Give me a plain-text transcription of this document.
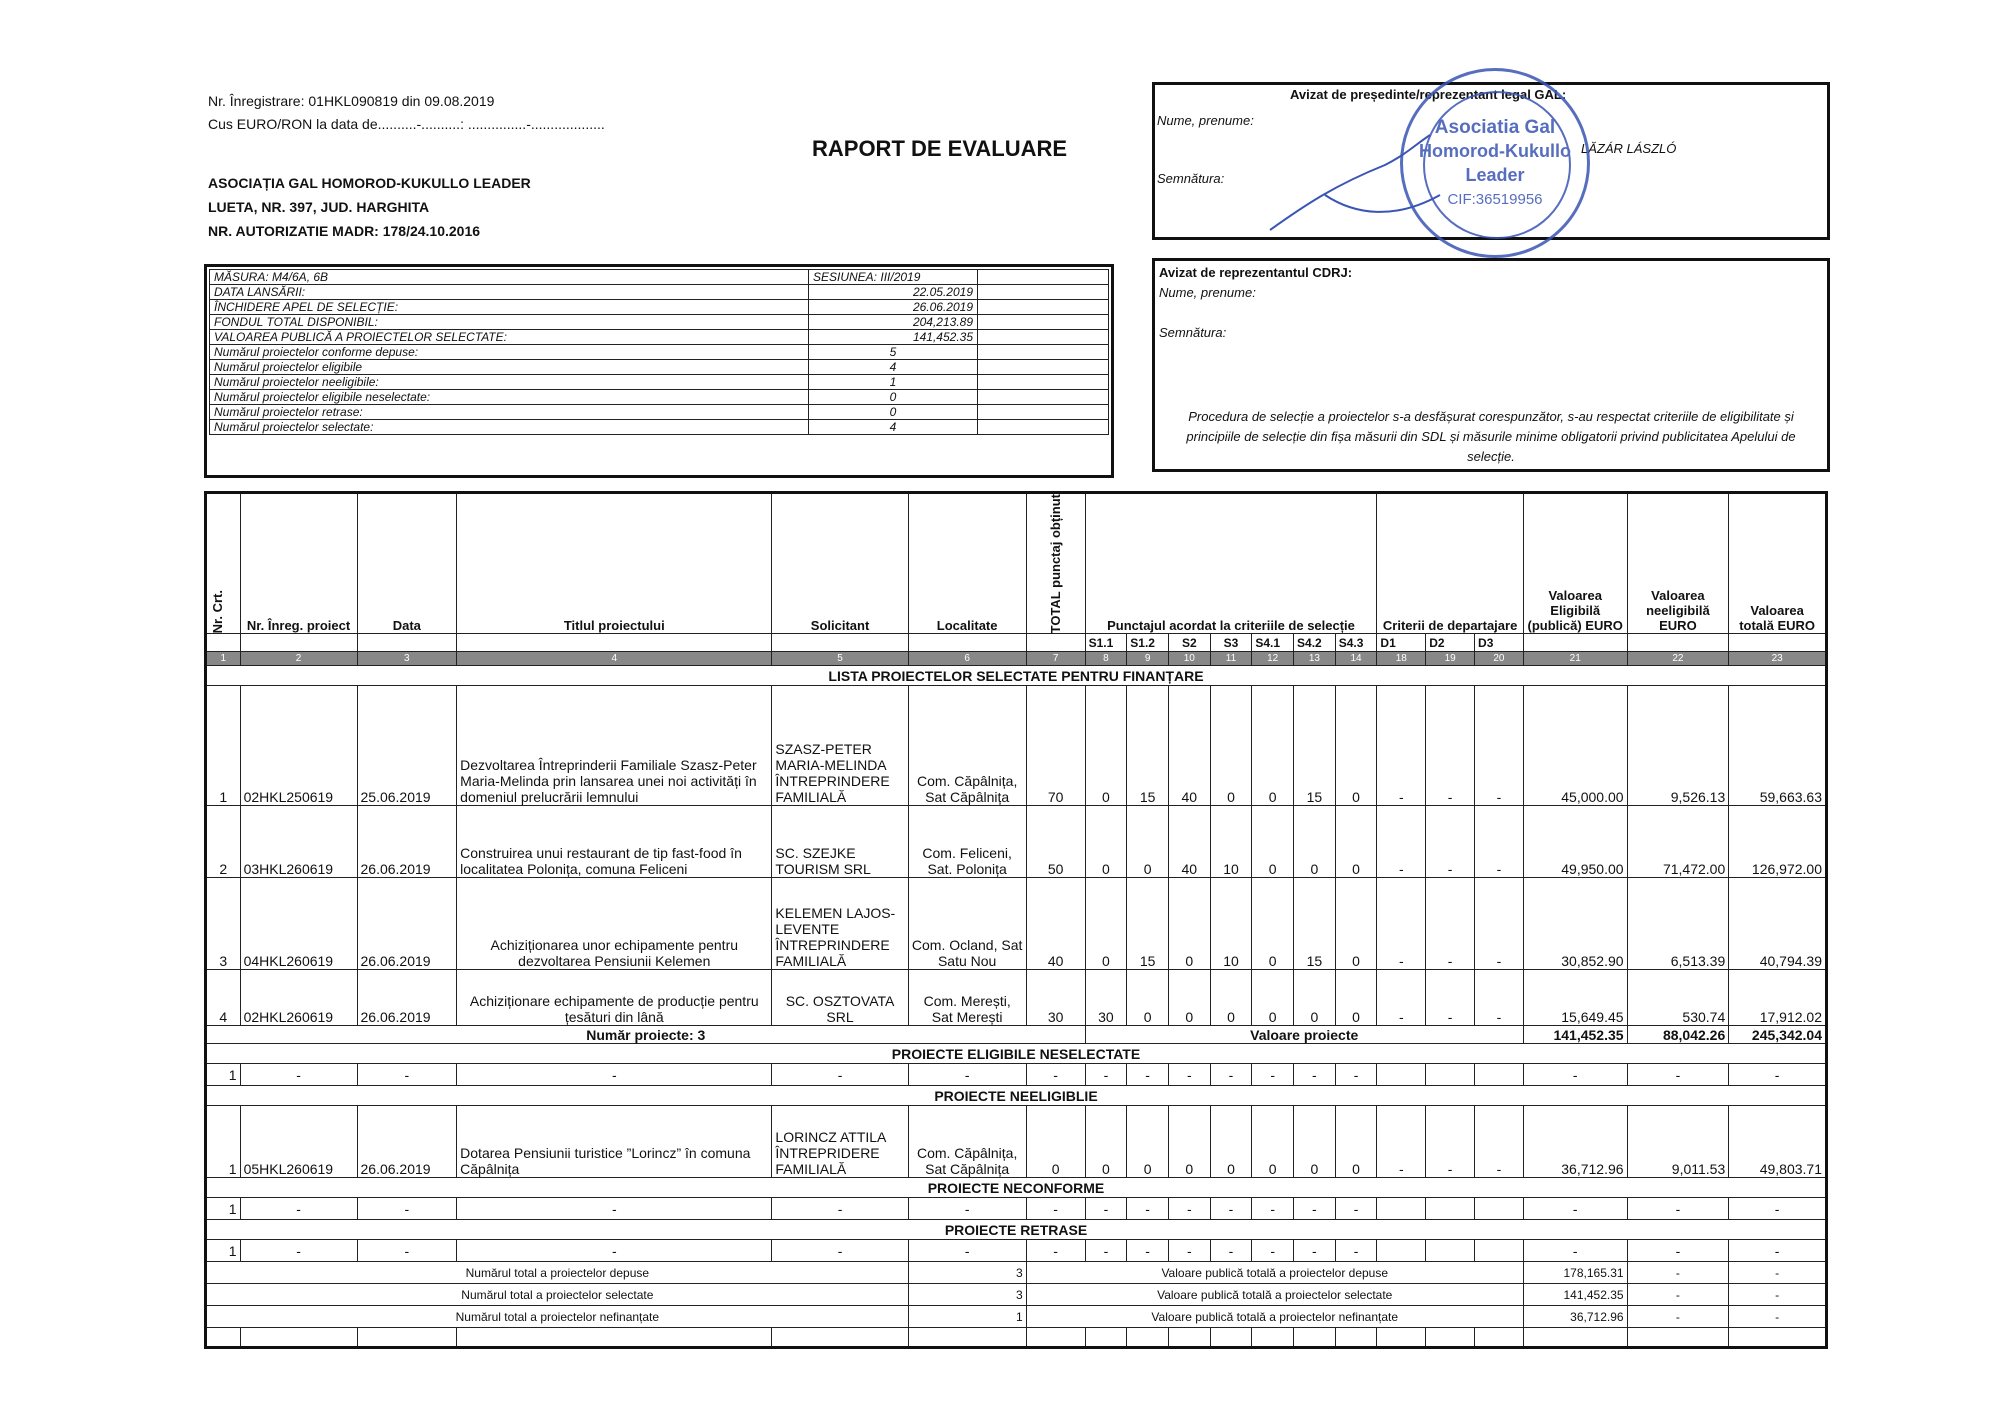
Nr. Înregistrare: 01HKL090819 din 09.08.2019
Cus EURO/RON la data de..........-..........: ...............-...................
RAPORT DE EVALUARE
ASOCIAȚIA GAL HOMOROD-KUKULLO LEADER
LUETA, NR. 397, JUD. HARGHITA
NR. AUTORIZATIE MADR: 178/24.10.2016
Avizat de președinte/reprezentant legal GAL:
Nume, prenume:
LĂZÁR LÁSZLÓ
Semnătura:
Asociatia Gal
Homorod-Kukullo
Leader
CIF:36519956
MĂSURA: M4/6A, 6B	SESIUNEA: III/2019	
DATA LANSĂRII:	22.05.2019	
ÎNCHIDERE APEL DE SELECȚIE:	26.06.2019	
FONDUL TOTAL DISPONIBIL:	204,213.89	
VALOAREA PUBLICĂ A PROIECTELOR SELECTATE:	141,452.35	
Numărul proiectelor conforme depuse:	5	
Numărul proiectelor eligibile	4	
Numărul proiectelor neeligibile:	1	
Numărul proiectelor eligibile neselectate:	0	
Numărul proiectelor retrase:	0	
Numărul proiectelor selectate:	4	
Avizat de reprezentantul CDRJ:
Nume, prenume:
Semnătura:
Procedura de selecție a proiectelor s-a desfășurat corespunzător, s-au respectat criteriile de eligibilitate și principiile de selecție din fișa măsurii din SDL și măsurile minime obligatorii privind publicitatea Apelului de selecție.
Nr. Crt.	Nr. Înreg. proiect	Data	Titlul proiectului	Solicitant	Localitate	TOTAL punctaj obținut	Punctajul acordat la criteriile de selecție							Criterii de departajare			Valoarea Eligibilă (publică) EURO	Valoarea neeligibilă EURO	Valoarea totală EURO
							S1.1	S1.2	S2	S3	S4.1	S4.2	S4.3	D1	D2	D3			
1	2	3	4	5	6	7	8	9	10	11	12	13	14	18	19	20	21	22	23
LISTA PROIECTELOR SELECTATE PENTRU FINANȚARE																			
1	02HKL250619	25.06.2019	Dezvoltarea Întreprinderii Familiale Szasz-Peter Maria-Melinda prin lansarea unei noi activități în domeniul prelucrării lemnului	SZASZ-PETER MARIA-MELINDA ÎNTREPRINDERE FAMILIALĂ	Com. Căpâlnița, Sat Căpâlnița	70	0	15	40	0	0	15	0	-	-	-	45,000.00	9,526.13	59,663.63
2	03HKL260619	26.06.2019	Construirea unui restaurant de tip fast-food în localitatea Polonița, comuna Feliceni	SC. SZEJKE TOURISM SRL	Com. Feliceni, Sat. Polonița	50	0	0	40	10	0	0	0	-	-	-	49,950.00	71,472.00	126,972.00
3	04HKL260619	26.06.2019	Achiziționarea unor echipamente pentru dezvoltarea Pensiunii Kelemen	KELEMEN LAJOS-LEVENTE ÎNTREPRINDERE FAMILIALĂ	Com. Ocland, Sat Satu Nou	40	0	15	0	10	0	15	0	-	-	-	30,852.90	6,513.39	40,794.39
4	02HKL260619	26.06.2019	Achiziționare echipamente de producție pentru țesături din lână	SC. OSZTOVATA SRL	Com. Merești, Sat Merești	30	30	0	0	0	0	0	0	-	-	-	15,649.45	530.74	17,912.02
Număr proiecte: 3							Valoare proiecte										141,452.35	88,042.26	245,342.04
PROIECTE ELIGIBILE NESELECTATE																			
1	-	-	-	-	-	-	-	-	-	-	-	-	-				-	-	-
PROIECTE NEELIGIBLIE																			
1	05HKL260619	26.06.2019	Dotarea Pensiunii turistice ”Lorincz” în comuna Căpâlnița	LORINCZ ATTILA ÎNTREPRIDERE FAMILIALĂ	Com. Căpâlnița, Sat Căpâlnița	0	0	0	0	0	0	0	0	-	-	-	36,712.96	9,011.53	49,803.71
PROIECTE NECONFORME																			
1	-	-	-	-	-	-	-	-	-	-	-	-	-				-	-	-
PROIECTE RETRASE																			
1	-	-	-	-	-	-	-	-	-	-	-	-	-				-	-	-
Numărul total a proiectelor depuse					3	Valoare publică totală a proiectelor depuse											178,165.31	-	-
Numărul total a proiectelor selectate					3	Valoare publică totală a proiectelor selectate											141,452.35	-	-
Numărul total a proiectelor nefinanțate					1	Valoare publică totală a proiectelor nefinanțate											36,712.96	-	-
